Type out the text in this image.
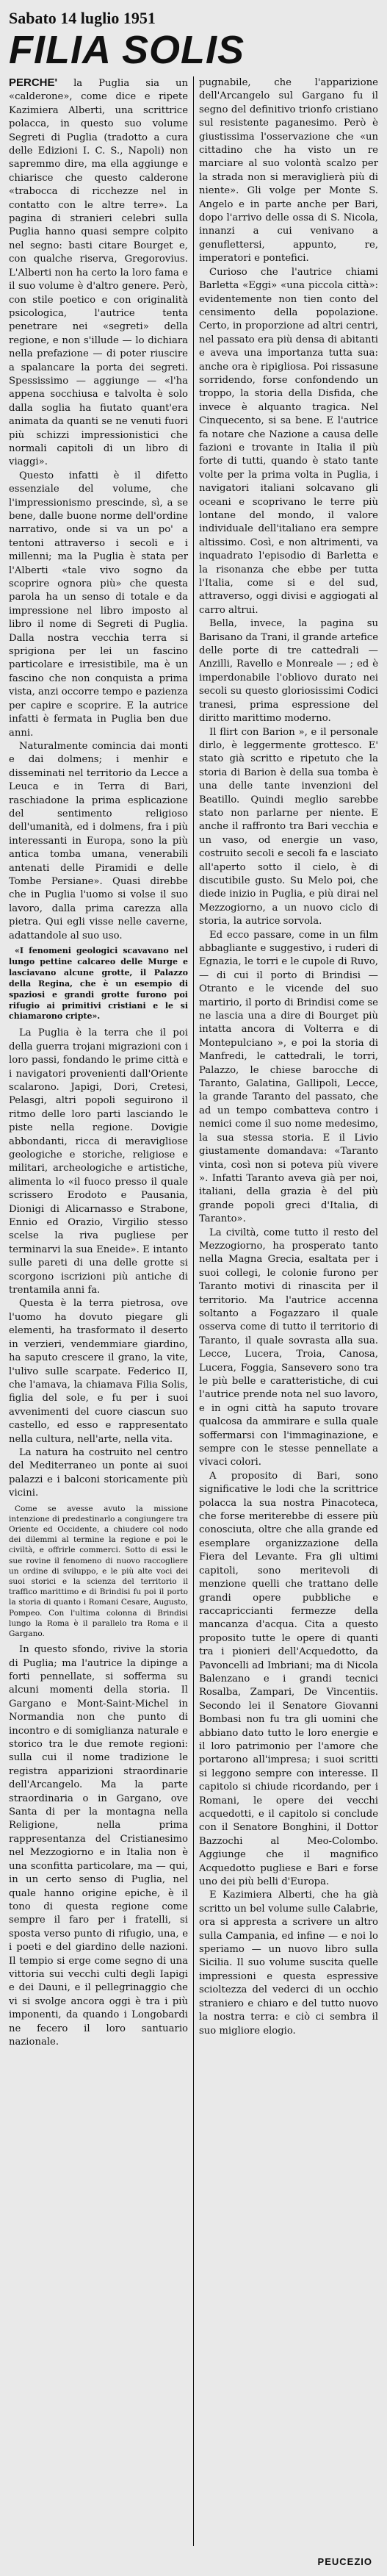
Sabato 14 luglio 1951
FILIA SOLIS

PERCHE' la Puglia sia un «calderone», come dice e ripete Kazimiera Alberti, una scrittrice polacca, in questo suo volume Segreti di Puglia (tradotto a cura delle Edizioni I. C. S., Napoli) non sapremmo dire, ma ella aggiunge e chiarisce che questo calderone «trabocca di ricchezze nel in contatto con le altre terre». La pagina di stranieri celebri sulla Puglia hanno quasi sempre colpito nel segno: basti citare Bourget e, con qualche riserva, Gregorovius. L'Alberti non ha certo la loro fama e il suo volume è d'altro genere. Però, con stile poetico e con originalità psicologica, l'autrice tenta penetrare nei «segreti» della regione, e non s'illude — lo dichiara nella prefazione — di poter riuscire a spalancare la porta dei segreti. Spessissimo — aggiunge — «l'ha appena socchiusa e talvolta è solo dalla soglia ha fiutato quant'era animata da quanti se ne venuti fuori più schizzi impressionistici che normali capitoli di un libro di viaggi».

Questo infatti è il difetto essenziale del volume, che l'impressionismo prescinde, sì, a se bene, dalle buone norme dell'ordine narrativo, onde si va un po' a tentoni attraverso i secoli e i millenni; ma la Puglia è stata per l'Alberti «tale vivo sogno da scoprire ognora più» che questa parola ha un senso di totale e da impressione nel libro imposto al libro il nome di Segreti di Puglia. Dalla nostra vecchia terra si sprigiona per lei un fascino particolare e irresistibile, ma è un fascino che non conquista a prima vista, anzi occorre tempo e pazienza per capire e scoprire. E la autrice infatti è fermata in Puglia ben due anni.

Naturalmente comincia dai monti e dai dolmens; i menhir e disseminati nel territorio da Lecce a Leuca e in Terra di Bari, raschiadone la prima esplicazione del sentimento religioso dell'umanità, ed i dolmens, fra i più interessanti in Europa, sono la più antica tomba umana, venerabili antenati delle Piramidi e delle Tombe Persiane». Quasi direbbe che in Puglia l'uomo si volse il suo lavoro, dalla prima carezza alla pietra. Qui egli visse nelle caverne, adattandole al suo uso.

«I fenomeni geologici scavavano nel lungo pettine calcareo delle Murge e lasciavano alcune grotte, il Palazzo della Regina, che è un esempio di spaziosi e grandi grotte furono poi rifugio ai primitivi cristiani e le si chiamarono cripte».

La Puglia è la terra che il poi della guerra trojani migrazioni con i loro passi, fondando le prime città e i navigatori provenienti dall'Oriente scalarono. Japigi, Dori, Cretesi, Pelasgi, altri popoli seguirono il ritmo delle loro parti lasciando le piste nella regione. Dovigie abbondanti, ricca di meravigliose geologiche e storiche, religiose e militari, archeologiche e artistiche, alimenta lo «il fuoco presso il quale scrissero Erodoto e Pausania, Dionigi di Alicarnasso e Strabone, Ennio ed Orazio, Virgilio stesso scelse la riva pugliese per terminarvi la sua Eneide». E intanto sulle pareti di una delle grotte si scorgono iscrizioni più antiche di trentamila anni fa.

Questa è la terra pietrosa, ove l'uomo ha dovuto piegare gli elementi, ha trasformato il deserto in verzieri, vendemmiare giardino, ha saputo crescere il grano, la vite, l'ulivo sulle scarpate. Federico II, che l'amava, la chiamava Filia Solis, figlia del sole, e fu per i suoi avvenimenti del cuore ciascun suo castello, ed esso e rappresentato nella cultura, nell'arte, nella vita.

La natura ha costruito nel centro del Mediterraneo un ponte ai suoi palazzi e i balconi storicamente più vicini.

Come se avesse avuto la missione intenzione di predestinarlo a congiungere tra Oriente ed Occidente, a chiudere col nodo dei dilemmi al termine la regione e poi le civiltà, e offrirle commerci. Sotto di essi le sue rovine il fenomeno di nuovo raccogliere un ordine di sviluppo, e le più alte voci dei suoi storici e la scienza del territorio il traffico marittimo e di Brindisi fu poi il porto la storia di quanto i Romani Cesare, Augusto, Pompeo. Con l'ultima colonna di Brindisi lungo la Roma è il parallelo tra Roma e il Gargano.

In questo sfondo, rivive la storia di Puglia; ma l'autrice la dipinge a forti pennellate, si sofferma su alcuni momenti della storia. Il Gargano e Mont-Saint-Michel in Normandia non che punto di incontro e di somiglianza naturale e storico tra le due remote regioni: sulla cui il nome tradizione le registra apparizioni straordinarie dell'Arcangelo. Ma la parte straordinaria o in Gargano, ove Santa di per la montagna nella Religione, nella prima rappresentanza del Cristianesimo nel Mezzogiorno e in Italia non è una sconfitta particolare, ma — qui, in un certo senso di Puglia, nel quale hanno origine epiche, è il tono di questa regione come sempre il faro per i fratelli, si sposta verso punto di rifugio, una, e i poeti e del giardino delle nazioni. Il tempio si erge come segno di una vittoria sui vecchi culti degli Iapigi e dei Dauni, e il pellegrinaggio che vi si svolge ancora oggi è tra i più imponenti, da quando i Longobardi ne fecero il loro santuario nazionale.

pugnabile, che l'apparizione dell'Arcangelo sul Gargano fu il segno del definitivo trionfo cristiano sul resistente paganesimo. Però è giustissima l'osservazione che «un cittadino che ha visto un re marciare al suo volontà scalzo per la strada non si meraviglierà più di niente». Gli volge per Monte S. Angelo e in parte anche per Bari, dopo l'arrivo delle ossa di S. Nicola, innanzi a cui venivano a genuflettersi, appunto, re, imperatori e pontefici.

Curioso che l'autrice chiami Barletta «Eggi» «una piccola città»: evidentemente non tien conto del censimento della popolazione. Certo, in proporzione ad altri centri, nel passato era più densa di abitanti e aveva una importanza tutta sua: anche ora è ripigliosa. Poi rissasune sorridendo, forse confondendo un troppo, la storia della Disfida, che invece è alquanto tragica. Nel Cinquecento, si sa bene. E l'autrice fa notare che Nazione a causa delle fazioni e trovante in Italia il più forte di tutti, quando è stato tante volte per la prima volta in Puglia, i navigatori italiani solcavano gli oceani e scoprivano le terre più lontane del mondo, il valore individuale dell'italiano era sempre altissimo. Così, e non altrimenti, va inquadrato l'episodio di Barletta e la risonanza che ebbe per tutta l'Italia, come si e del sud, attraverso, oggi divisi e aggiogati al carro altrui.

Bella, invece, la pagina su Barisano da Trani, il grande artefice delle porte di tre cattedrali — Anzilli, Ravello e Monreale — ; ed è imperdonabile l'obliovo durato nei secoli su questo gloriosissimi Codici tranesi, prima espressione del diritto marittimo moderno.

Il flirt con Barion », e il personale dirlo, è leggermente grottesco. E' stato già scritto e ripetuto che la storia di Barion è della sua tomba è una delle tante invenzioni del Beatillo. Quindi meglio sarebbe stato non parlarne per niente. E anche il raffronto tra Bari vecchia e un vaso, od energie un vaso, costruito secoli e secoli fa e lasciato all'aperto sotto il cielo, è di discutibile gusto. Su Melo poi, che diede inizio in Puglia, e più dirai nel Mezzogiorno, a un nuovo ciclo di storia, la autrice sorvola.

Ed ecco passare, come in un film abbagliante e suggestivo, i ruderi di Egnazia, le torri e le cupole di Ruvo, — di cui il porto di Brindisi — Otranto e le vicende del suo martirio, il porto di Brindisi come se ne lascia una a dire di Bourget più intatta ancora di Volterra e di Montepulciano », e poi la storia di Manfredi, le cattedrali, le torri, Palazzo, le chiese barocche di Taranto, Galatina, Gallipoli, Lecce, la grande Taranto del passato, che ad un tempo combatteva contro i nemici come il suo nome medesimo, la sua stessa storia. E il Livio giustamente domandava: «Taranto vinta, così non si poteva più vivere ». Infatti Taranto aveva già per noi, italiani, della grazia è del più grande popoli greci d'Italia, di Taranto».

La civiltà, come tutto il resto del Mezzogiorno, ha prosperato tanto nella Magna Grecia, esaltata per i suoi collegi, le colonie furono per Taranto motivi di rinascita per il territorio. Ma l'autrice accenna soltanto a Fogazzaro il quale osserva come di tutto il territorio di Taranto, il quale sovrasta alla sua. Lecce, Lucera, Troia, Canosa, Lucera, Foggia, Sansevero sono tra le più belle e caratteristiche, di cui l'autrice prende nota nel suo lavoro, e in ogni città ha saputo trovare qualcosa da ammirare e sulla quale soffermarsi con l'immaginazione, e sempre con le stesse pennellate a vivaci colori.

A proposito di Bari, sono significative le lodi che la scrittrice polacca la sua nostra Pinacoteca, che forse meriterebbe di essere più conosciuta, oltre che alla grande ed esemplare organizzazione della Fiera del Levante. Fra gli ultimi capitoli, sono meritevoli di menzione quelli che trattano delle grandi opere pubbliche e raccapriccianti fermezze della mancanza d'acqua. Cita a questo proposito tutte le opere di quanti tra i pionieri dell'Acquedotto, da Pavoncelli ad Imbriani; ma di Nicola Balenzano e i grandi tecnici Rosalba, Zampari, De Vincentiis. Secondo lei il Senatore Giovanni Bombasi non fu tra gli uomini che abbiano dato tutto le loro energie e il loro patrimonio per l'amore che portarono all'impresa; i suoi scritti si leggono sempre con interesse. Il capitolo si chiude ricordando, per i Romani, le opere dei vecchi acquedotti, e il capitolo si conclude con il Senatore Bonghini, il Dottor Bazzochi al Meo-Colombo. Aggiunge che il magnifico Acquedotto pugliese e Bari e forse uno dei più belli d'Europa.

E Kazimiera Alberti, che ha già scritto un bel volume sulle Calabrie, ora si appresta a scrivere un altro sulla Campania, ed infine — e noi lo speriamo — un nuovo libro sulla Sicilia. Il suo volume suscita quelle impressioni e questa espressive scioltezza del vederci di un occhio straniero e chiaro e del tutto nuovo la nostra terra: e ciò ci sembra il suo migliore elogio.

PEUCEZIO
